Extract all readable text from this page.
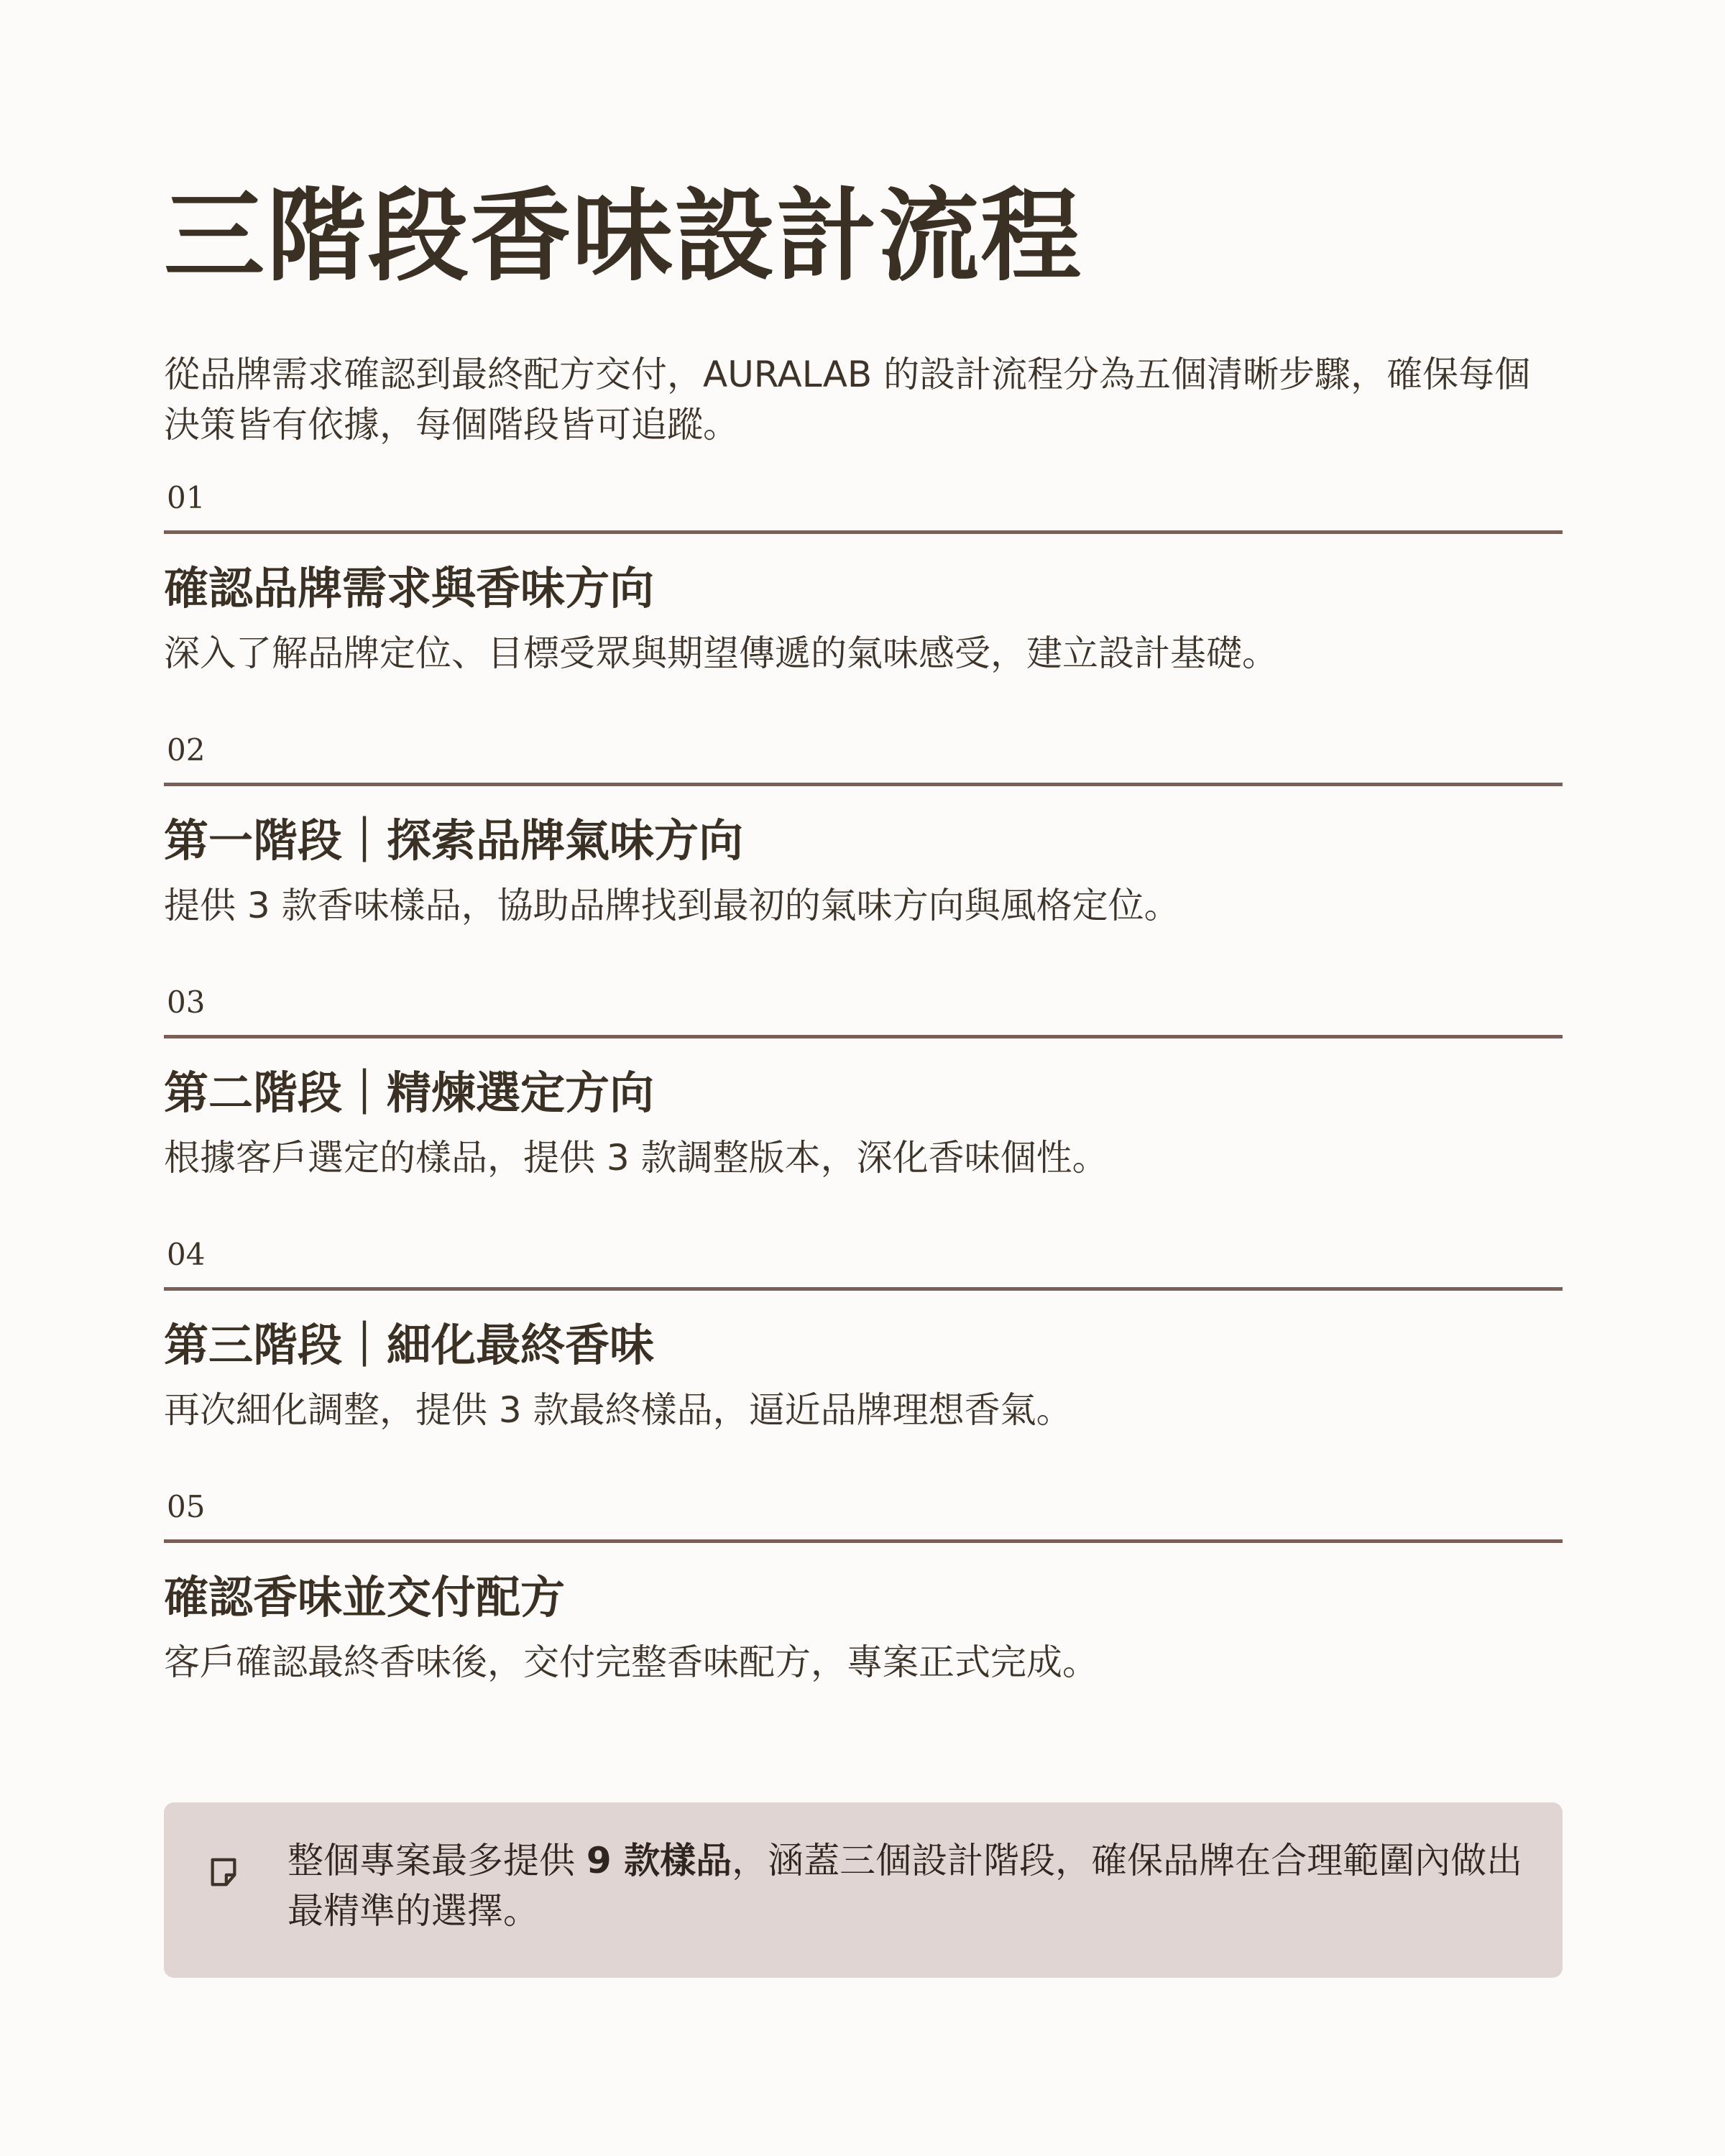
三階段香味設計流程
從品牌需求確認到最終配方交付，AURALAB 的設計流程分為五個清晰步驟，確保每個決策皆有依據，每個階段皆可追蹤。
01
確認品牌需求與香味方向
深入了解品牌定位、目標受眾與期望傳遞的氣味感受，建立設計基礎。
02
第一階段｜探索品牌氣味方向
提供 3 款香味樣品，協助品牌找到最初的氣味方向與風格定位。
03
第二階段｜精煉選定方向
根據客戶選定的樣品，提供 3 款調整版本，深化香味個性。
04
第三階段｜細化最終香味
再次細化調整，提供 3 款最終樣品，逼近品牌理想香氣。
05
確認香味並交付配方
客戶確認最終香味後，交付完整香味配方，專案正式完成。
整個專案最多提供 9 款樣品，涵蓋三個設計階段，確保品牌在合理範圍內做出最精準的選擇。
